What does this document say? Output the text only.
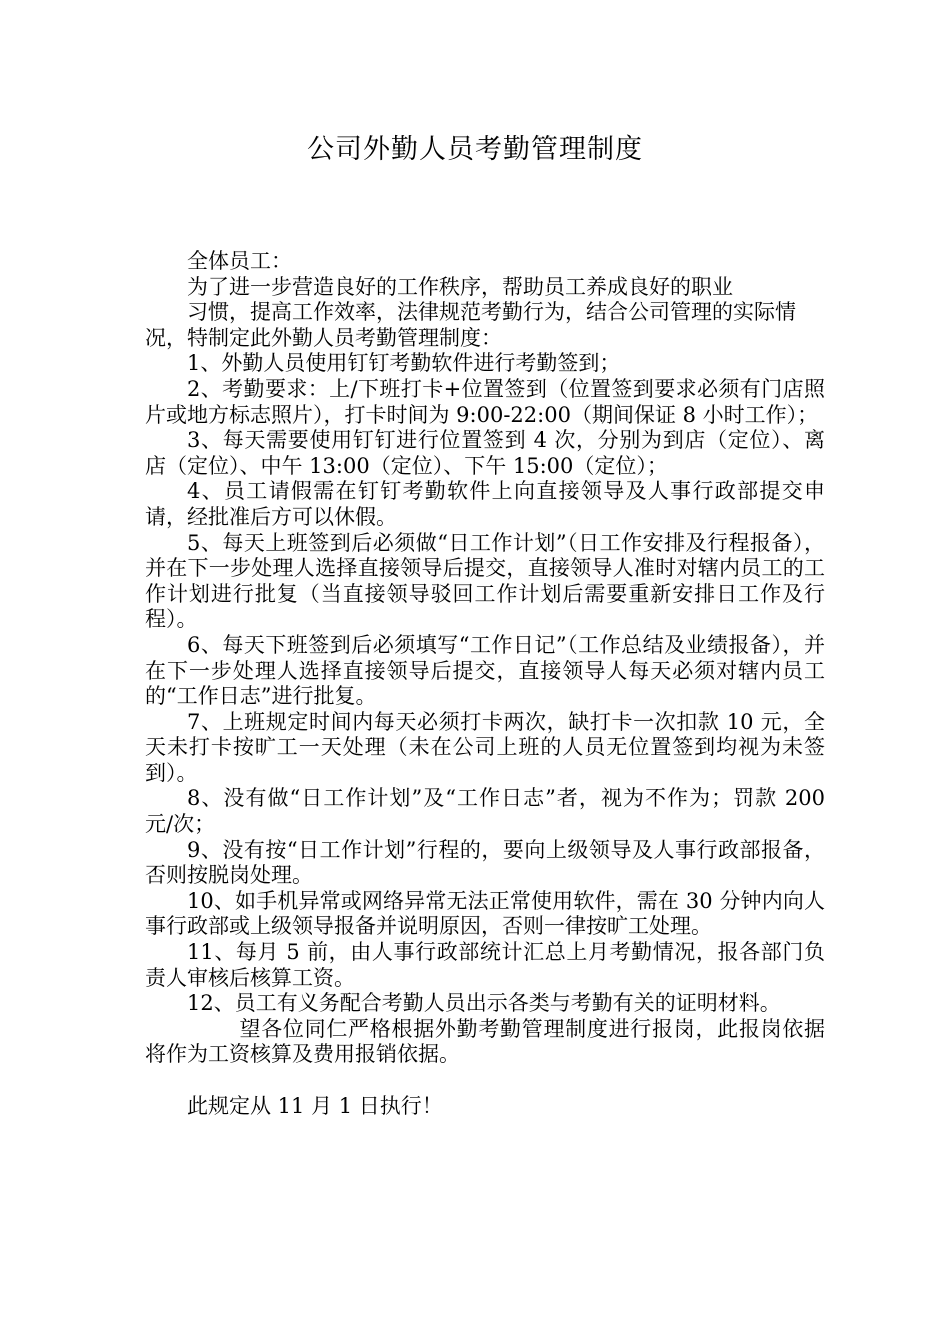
公司外勤人员考勤管理制度

全体员工：

为了进一步营造良好的工作秩序，帮助员工养成良好的职业

习惯，提高工作效率，法律规范考勤行为，结合公司管理的实际情况，特制定此外勤人员考勤管理制度：

1、外勤人员使用钉钉考勤软件进行考勤签到；

2、考勤要求：上/下班打卡+位置签到（位置签到要求必须有门店照片或地方标志照片），打卡时间为 9:00-22:00（期间保证 8 小时工作）；

3、每天需要使用钉钉进行位置签到 4 次，分别为到店（定位）、离店（定位）、中午 13:00（定位）、下午 15:00（定位）；

4、员工请假需在钉钉考勤软件上向直接领导及人事行政部提交申请，经批准后方可以休假。

5、每天上班签到后必须做“日工作计划”（日工作安排及行程报备），并在下一步处理人选择直接领导后提交，直接领导人准时对辖内员工的工作计划进行批复（当直接领导驳回工作计划后需要重新安排日工作及行程）。

6、每天下班签到后必须填写“工作日记”（工作总结及业绩报备），并在下一步处理人选择直接领导后提交，直接领导人每天必须对辖内员工的“工作日志”进行批复。

7、上班规定时间内每天必须打卡两次，缺打卡一次扣款 10 元，全天未打卡按旷工一天处理（未在公司上班的人员无位置签到均视为未签到）。

8、没有做“日工作计划”及“工作日志”者，视为不作为；罚款 200 元/次；

9、没有按“日工作计划”行程的，要向上级领导及人事行政部报备，否则按脱岗处理。

10、如手机异常或网络异常无法正常使用软件，需在 30 分钟内向人事行政部或上级领导报备并说明原因，否则一律按旷工处理。

11、每月 5 前，由人事行政部统计汇总上月考勤情况，报各部门负责人审核后核算工资。

12、员工有义务配合考勤人员出示各类与考勤有关的证明材料。

望各位同仁严格根据外勤考勤管理制度进行报岗，此报岗依据将作为工资核算及费用报销依据。

此规定从 11 月 1 日执行！
